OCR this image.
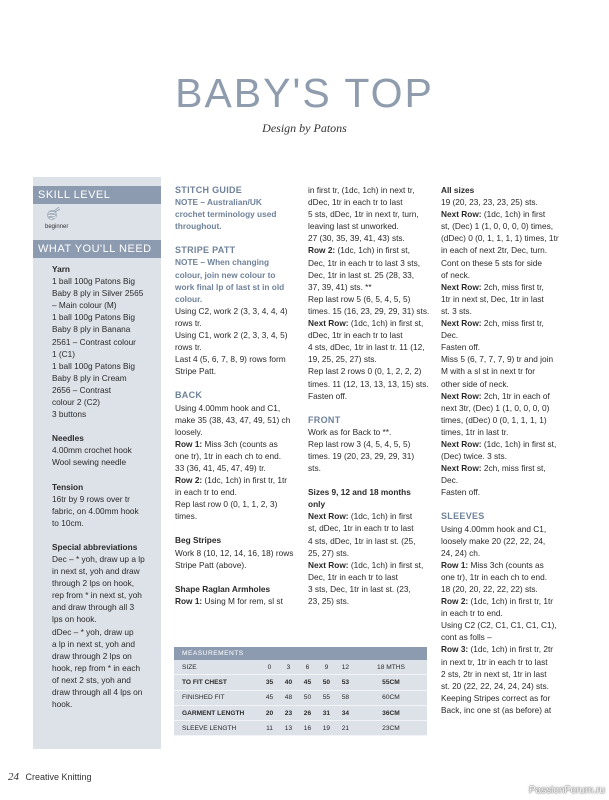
BABY'S TOP
Design by Patons
SKILL LEVEL
beginner
WHAT YOU'LL NEED

Yarn

1 ball 100g Patons Big

Baby 8 ply in Silver 2565

– Main colour (M)

1 ball 100g Patons Big

Baby 8 ply in Banana

2561 – Contrast colour

1 (C1)

1 ball 100g Patons Big

Baby 8 ply in Cream

2656 – Contrast

colour 2 (C2)

3 buttons

Needles

4.00mm crochet hook

Wool sewing needle

Tension

16tr by 9 rows over tr

fabric, on 4.00mm hook

to 10cm.

Special abbreviations

Dec – * yoh, draw up a lp

in next st, yoh and draw

through 2 lps on hook,

rep from * in next st, yoh

and draw through all 3

lps on hook.

dDec – * yoh, draw up

a lp in next st, yoh and

draw through 2 lps on

hook, rep from * in each

of next 2 sts, yoh and

draw through all 4 lps on

hook.

STITCH GUIDE

NOTE – Australian/UK

crochet terminology used

throughout.

STRIPE PATT

NOTE – When changing

colour, join new colour to

work final lp of last st in old

colour.

Using C2, work 2 (3, 3, 4, 4, 4)

rows tr.

Using C1, work 2 (2, 3, 3, 4, 5)

rows tr.

Last 4 (5, 6, 7, 8, 9) rows form

Stripe Patt.

BACK

Using 4.00mm hook and C1,

make 35 (38, 43, 47, 49, 51) ch

loosely.

Row 1: Miss 3ch (counts as

one tr), 1tr in each ch to end.

33 (36, 41, 45, 47, 49) tr.

Row 2: (1dc, 1ch) in first tr, 1tr

in each tr to end.

Rep last row 0 (0, 1, 1, 2, 3)

times.

Beg Stripes

Work 8 (10, 12, 14, 16, 18) rows

Stripe Patt (above).

Shape Raglan Armholes

Row 1: Using M for rem, sl st

in first tr, (1dc, 1ch) in next tr,

dDec, 1tr in each tr to last

5 sts, dDec, 1tr in next tr, turn,

leaving last st unworked.

27 (30, 35, 39, 41, 43) sts.

Row 2: (1dc, 1ch) in first st,

Dec, 1tr in each tr to last 3 sts,

Dec, 1tr in last st. 25 (28, 33,

37, 39, 41) sts. **

Rep last row 5 (6, 5, 4, 5, 5)

times. 15 (16, 23, 29, 29, 31) sts.

Next Row: (1dc, 1ch) in first st,

dDec, 1tr in each tr to last

4 sts, dDec, 1tr in last tr. 11 (12,

19, 25, 25, 27) sts.

Rep last 2 rows 0 (0, 1, 2, 2, 2)

times. 11 (12, 13, 13, 13, 15) sts.

Fasten off.

FRONT

Work as for Back to **.

Rep last row 3 (4, 5, 4, 5, 5)

times. 19 (20, 23, 29, 29, 31)

sts.

Sizes 9, 12 and 18 months

only

Next Row: (1dc, 1ch) in first

st, dDec, 1tr in each tr to last

4 sts, dDec, 1tr in last st. (25,

25, 27) sts.

Next Row: (1dc, 1ch) in first st,

Dec, 1tr in each tr to last

3 sts, Dec, 1tr in last st. (23,

23, 25) sts.

All sizes

19 (20, 23, 23, 23, 25) sts.

Next Row: (1dc, 1ch) in first

st, (Dec) 1 (1, 0, 0, 0, 0) times,

(dDec) 0 (0, 1, 1, 1, 1) times, 1tr

in each of next 2tr, Dec, turn.

Cont on these 5 sts for side

of neck.

Next Row: 2ch, miss first tr,

1tr in next st, Dec, 1tr in last

st. 3 sts.

Next Row: 2ch, miss first tr,

Dec.

Fasten off.

Miss 5 (6, 7, 7, 7, 9) tr and join

M with a sl st in next tr for

other side of neck.

Next Row: 2ch, 1tr in each of

next 3tr, (Dec) 1 (1, 0, 0, 0, 0)

times, (dDec) 0 (0, 1, 1, 1, 1)

times, 1tr in last tr.

Next Row: (1dc, 1ch) in first st,

(Dec) twice. 3 sts.

Next Row: 2ch, miss first st,

Dec.

Fasten off.

SLEEVES

Using 4.00mm hook and C1,

loosely make 20 (22, 22, 24,

24, 24) ch.

Row 1: Miss 3ch (counts as

one tr), 1tr in each ch to end.

18 (20, 20, 22, 22, 22) sts.

Row 2: (1dc, 1ch) in first tr, 1tr

in each tr to end.

Using C2 (C2, C1, C1, C1, C1),

cont as folls –

Row 3: (1dc, 1ch) in first tr, 2tr

in next tr, 1tr in each tr to last

2 sts, 2tr in next st, 1tr in last

st. 20 (22, 22, 24, 24, 24) sts.

Keeping Stripes correct as for

Back, inc one st (as before) at

MEASUREMENTS
SIZE	0	3	6	9	12	18 MTHS
TO FIT CHEST	35	40	45	50	53	55CM
FINISHED FIT	45	48	50	55	58	60CM
GARMENT LENGTH	20	23	26	31	34	36CM
SLEEVE LENGTH	11	13	16	19	21	23CM
24 Creative Knitting
PassionForum.ru
